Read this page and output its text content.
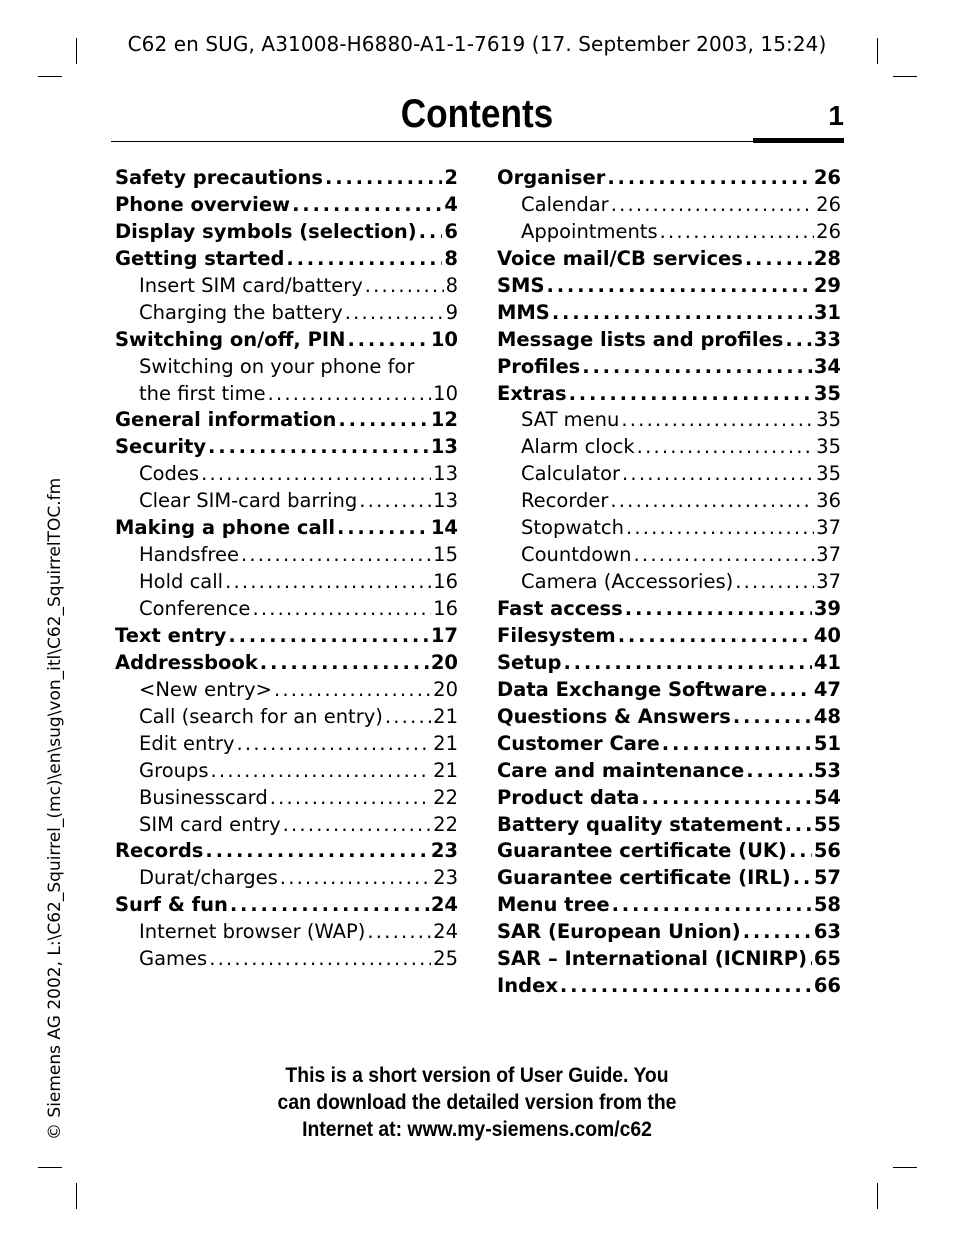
C62 en SUG, A31008-H6880-A1-1-7619 (17. September 2003, 15:24)
Contents	1
Safety precautions . . .	2
Phone overview . . .	4
Display symbols (selection) . . . 6
Getting started . . .	8
Insert SIM card/battery . . .	8
Charging the battery . . .	9
Switching on/off, PIN . . .	10
Switching on your phone for
the first time . . .	10
General information . . .	12
Security . . .	13
Codes . . .	13
Clear SIM-card barring . . .	13
Making a phone call . . .	14
Handsfree . . .	15
Hold call . . .	16
Conference . . .	16
Text entry . . .	17
Addressbook . . .	20
<New entry> . . .	20
Call (search for an entry) . . .	21
Edit entry . . .	21
Groups . . .	21
Businesscard . . .	22
SIM card entry . . .	22
Records . . .	23
Durat/charges . . .	23
Surf & fun . . .	24
Internet browser (WAP) . . .	24
Games . . .	25
Organiser . . .	26
Calendar . . .	26
Appointments . . .	26
Voice mail/CB services . . .	28
SMS . . .	29
MMS . . .	31
Message lists and profiles . . . 33
Profiles . . .	34
Extras . . .	35
SAT menu . . .	35
Alarm clock . . .	35
Calculator . . .	35
Recorder . . .	36
Stopwatch . . .	37
Countdown . . .	37
Camera (Accessories) . . .	37
Fast access . . .	39
Filesystem . . .	40
Setup . . .	41
Data Exchange Software . . . 47
Questions & Answers . . .	48
Customer Care . . .	51
Care and maintenance . . .	53
Product data . . .	54
Battery quality statement . . . 55
Guarantee certificate (UK) . . . 56
Guarantee certificate (IRL) . . . 57
Menu tree . . .	58
SAR (European Union) . . .	63
SAR – International (ICNIRP) . . . 65
Index . . .	66
This is a short version of User Guide. You
can download the detailed version from the
Internet at: www.my-siemens.com/c62
© Siemens AG 2002, L:\C62_Squirrel_(mc)\en\sug\von_itl\C62_SquirrelTOC.fm
